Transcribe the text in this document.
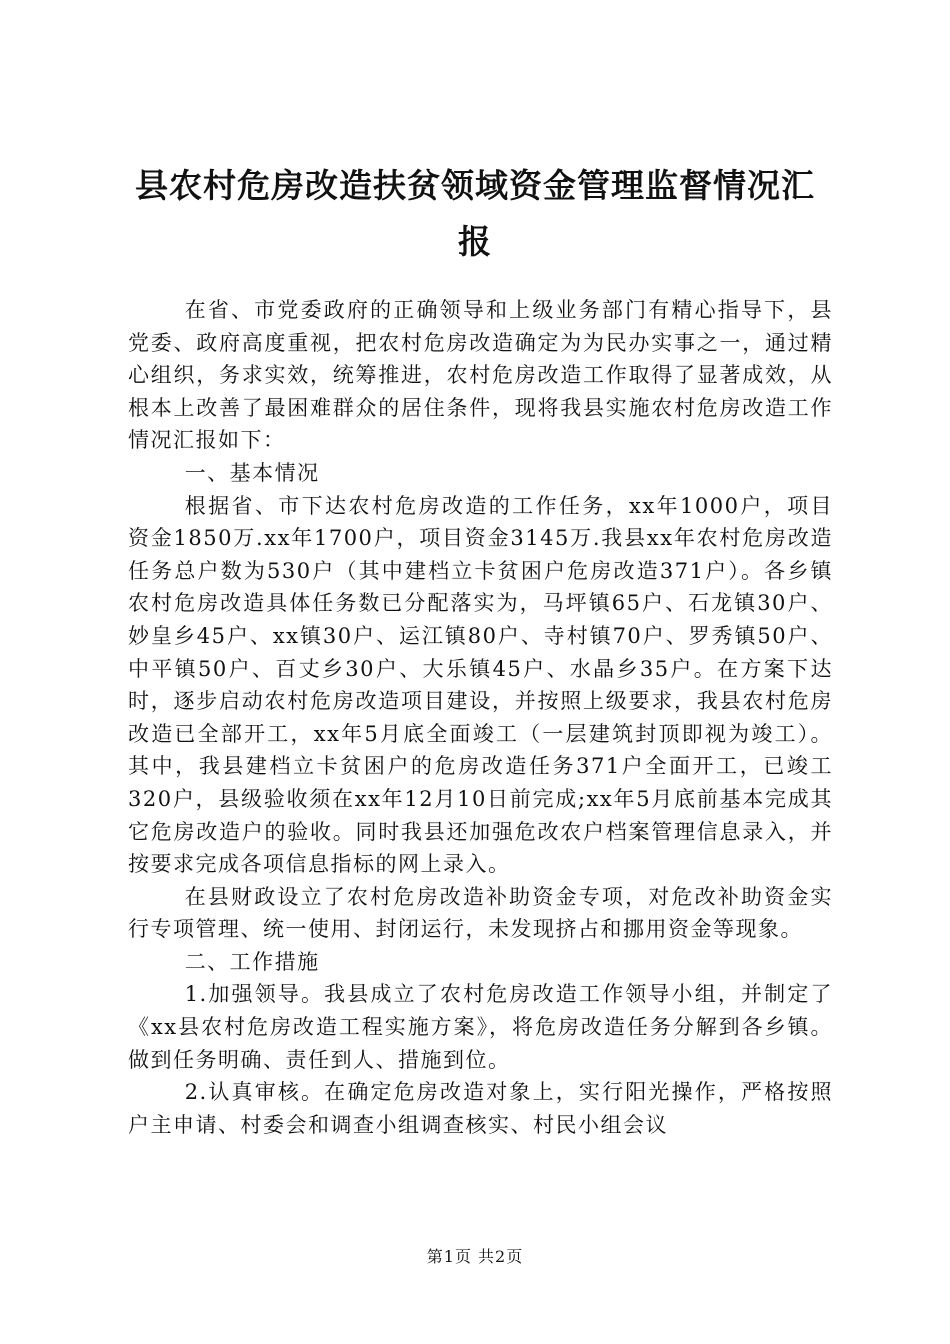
县农村危房改造扶贫领域资金管理监督情况汇
报

在省、市党委政府的正确领导和上级业务部门有精心指导下，县党委、政府高度重视，把农村危房改造确定为为民办实事之一，通过精心组织，务求实效，统筹推进，农村危房改造工作取得了显著成效，从根本上改善了最困难群众的居住条件，现将我县实施农村危房改造工作情况汇报如下：

一、基本情况

根据省、市下达农村危房改造的工作任务，xx年1000户，项目资金1850万.xx年1700户，项目资金3145万.我县xx年农村危房改造任务总户数为530户（其中建档立卡贫困户危房改造371户）。各乡镇农村危房改造具体任务数已分配落实为，马坪镇65户、石龙镇30户、妙皇乡45户、xx镇30户、运江镇80户、寺村镇70户、罗秀镇50户、中平镇50户、百丈乡30户、大乐镇45户、水晶乡35户。在方案下达时，逐步启动农村危房改造项目建设，并按照上级要求，我县农村危房改造已全部开工，xx年5月底全面竣工（一层建筑封顶即视为竣工）。其中，我县建档立卡贫困户的危房改造任务371户全面开工，已竣工320户，县级验收须在xx年12月10日前完成;xx年5月底前基本完成其它危房改造户的验收。同时我县还加强危改农户档案管理信息录入，并按要求完成各项信息指标的网上录入。

在县财政设立了农村危房改造补助资金专项，对危改补助资金实行专项管理、统一使用、封闭运行，未发现挤占和挪用资金等现象。

二、工作措施

1.加强领导。我县成立了农村危房改造工作领导小组，并制定了《xx县农村危房改造工程实施方案》，将危房改造任务分解到各乡镇。做到任务明确、责任到人、措施到位。

2.认真审核。在确定危房改造对象上，实行阳光操作，严格按照户主申请、村委会和调查小组调查核实、村民小组会议

第1页 共2页
